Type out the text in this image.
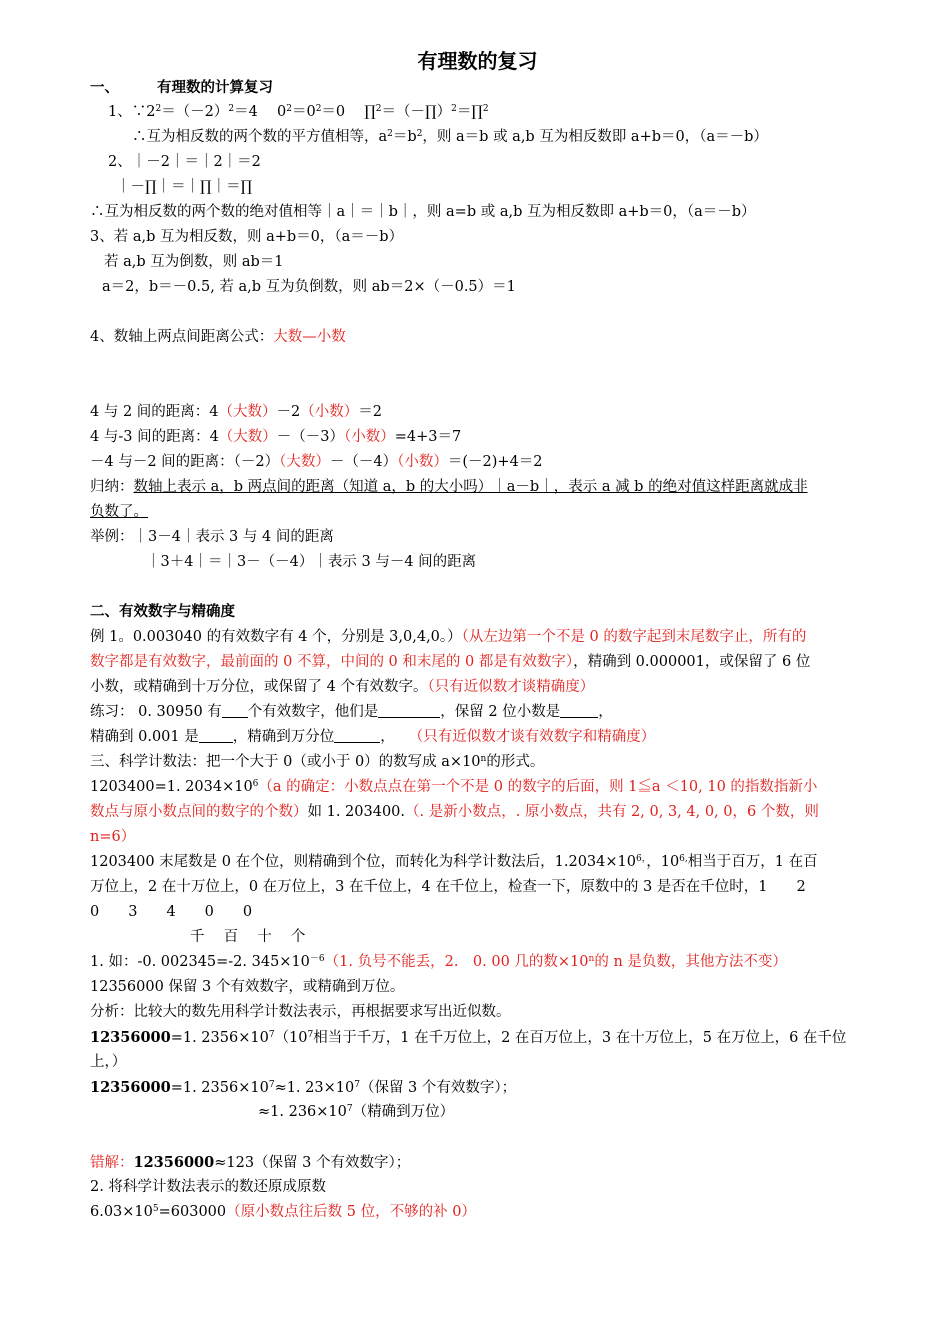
有理数的复习
一、	有理数的计算复习
1、$\because 2^2=(-2)^2=4$　 $0^2=0^2=0$　 ∏$^2$＝（－∏）$^2$＝∏$^2$
∴互为相反数的两个数的平方值相等，$a^2=b^2$，则 a＝b 或 a,b 互为相反数即 a+b＝0，（a＝－b）
2、｜－2｜＝｜2｜＝2
｜－∏｜＝｜∏｜＝∏
∴互为相反数的两个数的绝对值相等｜a｜＝｜b｜，则 a=b 或 a,b 互为相反数即 a+b＝0，（a＝－b）
3、若 a,b 互为相反数，则 a+b＝0，（a＝－b）
若 a,b 互为倒数，则 ab＝1
a＝2，b＝－0.5, 若 a,b 互为负倒数，则 ab＝2×（－0.5）＝1
4、数轴上两点间距离公式：大数—小数
4 与 2 间的距离：4（大数）－2（小数）＝2
4 与-3 间的距离：4（大数）－（－3）（小数）=4+3＝7
－4 与－2 间的距离：（－2）（大数）－（－4）（小数）＝(－2)+4＝2
归纳：数轴上表示 a，b 两点间的距离（知道 a，b 的大小吗）｜a－b｜，表示 a 减 b 的绝对值这样距离就成非
负数了。
举例：｜3－4｜表示 3 与 4 间的距离
｜3＋4｜＝｜3－（－4）｜表示 3 与－4 间的距离
二、有效数字与精确度
例 1。0.003040 的有效数字有 4 个，分别是 3,0,4,0。）（从左边第一个不是 0 的数字起到末尾数字止，所有的
数字都是有效数字，最前面的 0 不算，中间的 0 和末尾的 0 都是有效数字），精确到 0.000001，或保留了 6 位
小数，或精确到十万分位，或保留了 4 个有效数字。（只有近似数才谈精确度）
练习： 0. 30950 有 个有效数字，他们是	，保留 2 位小数是	，
精确到 0.001 是 ，精确到万分位	， （只有近似数才谈有效数字和精确度）
三、科学计数法：把一个大于 0（或小于 0）的数写成 $a\times 10^n$的形式。
1203400=1. $2034\times 10^6(a$ 的确定：小数点点在第一个不是 0 的数字的后面，则 1≦a ＜10, 10 的指数指新小
数点与原小数点间的数字的个数）如 1. 203400.（. 是新小数点，. 原小数点，共有 2, 0, 3, 4, 0, 0，6 个数，则
n=6）
1203400 末尾数是 0 在个位，则精确到个位，而转化为科学计数法后，$1.2034\times 10^{6,}$，$10^{6,}$相当于百万，1 在百
万位上，2 在十万位上，0 在万位上，3 在千位上，4 在千位上，检查一下，原数中的 3 是否在千位时，1　　2
0　　3　　4　　0　　0
千　 百　 十　 个
1. 如：-0. 002345=-2. $345\times 10^{-6}(1$. 负号不能丢，2.　0. 00 几的数$\times 10^n$的 n 是负数，其他方法不变）
12356000 保留 3 个有效数字，或精确到万位。
分析：比较大的数先用科学计数法表示，再根据要求写出近似数。
12356000=1. $2356\times 10^7(10^7$相当于千万，1 在千万位上，2 在百万位上，3 在十万位上，5 在万位上，6 在千位
上，）
12356000=1. $2356\times 10^7\approx 1$. $23\times 10^7$（保留 3 个有效数字）；
≈1. $236\times 10^7$（精确到万位）
错解：12356000≈123（保留 3 个有效数字）；
2. 将科学计数法表示的数还原成原数
$6.03\times 10^5=603000$（原小数点往后数 5 位，不够的补 0）
